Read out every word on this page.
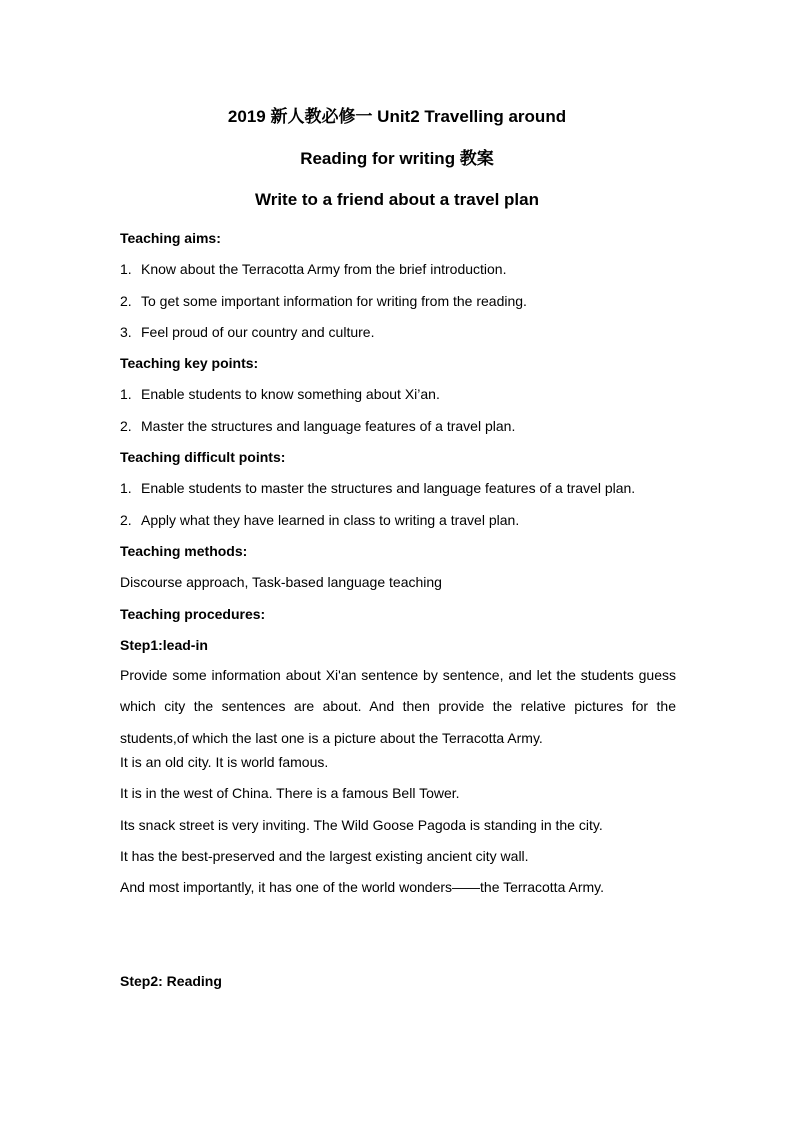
2019 新人教必修一 Unit2 Travelling around
Reading for writing 教案
Write to a friend about a travel plan
Teaching aims:
1. Know about the Terracotta Army from the brief introduction.
2. To get some important information for writing from the reading.
3. Feel proud of our country and culture.
Teaching key points:
1. Enable students to know something about Xi’an.
2. Master the structures and language features of a travel plan.
Teaching difficult points:
1. Enable students to master the structures and language features of a travel plan.
2. Apply what they have learned in class to writing a travel plan.
Teaching methods:
Discourse approach, Task-based language teaching
Teaching procedures:
Step1:lead-in

Provide some information about Xi'an sentence by sentence, and let the students guess which city the sentences are about. And then provide the relative pictures for the students,of which the last one is a picture about the Terracotta Army.

It is an old city. It is world famous.
It is in the west of China. There is a famous Bell Tower.
Its snack street is very inviting. The Wild Goose Pagoda is standing in the city.
It has the best-preserved and the largest existing ancient city wall.
And most importantly, it has one of the world wonders——the Terracotta Army.
Step2: Reading
